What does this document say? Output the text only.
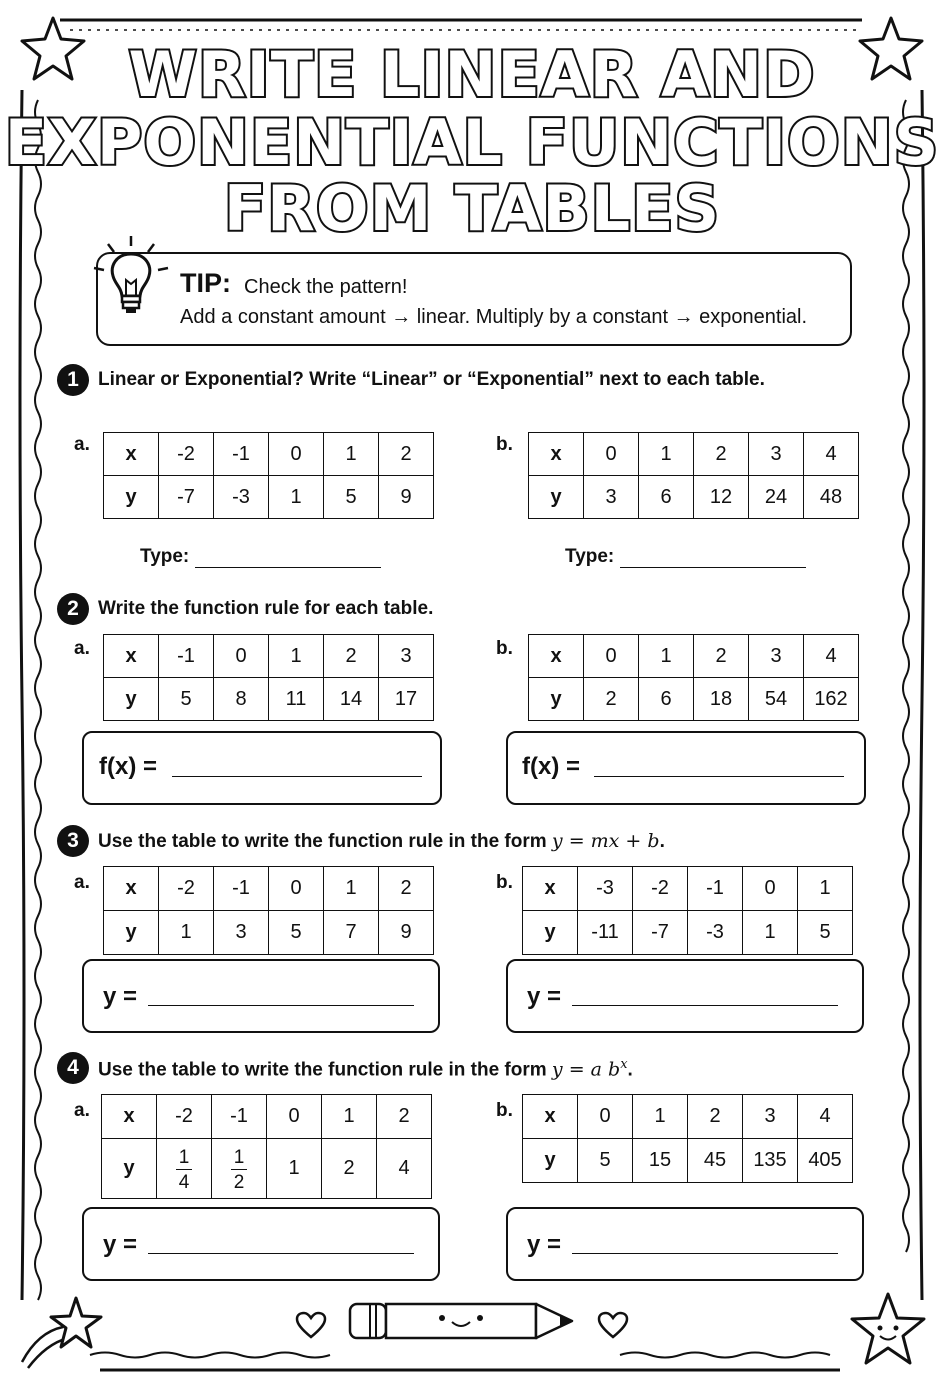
WRITE LINEAR AND
EXPONENTIAL FUNCTIONS
FROM TABLES
TIP: Check the pattern!
Add a constant amount → linear. Multiply by a constant → exponential.
1	Linear or Exponential? Write “Linear” or “Exponential” next to each table.
a. x	-2	-1	0	1	2
y	-7	-3	1	5	9
b. x	0	1	2	3	4
y	3	6	12	24	48
Type:	Type:
2	Write the function rule for each table.
a. x	-1	0	1	2	3
y	5	8	11	14	17
b. x	0	1	2	3	4
y	2	6	18	54	162
f(x) =	f(x) =
3	Use the table to write the function rule in the form y = mx + b.
a. x	-2	-1	0	1	2
y	1	3	5	7	9
b. x	-3	-2	-1	0	1
y	-11	-7	-3	1	5
y =	y =
4	Use the table to write the function rule in the form y = a $b^x$.
a. x	-2	-1	0	1	2
y	$\frac{1}{4}$	$\frac{1}{2}$	1	2	4
b. x	0	1	2	3	4
y	5	15	45	135	405
y =	y =
